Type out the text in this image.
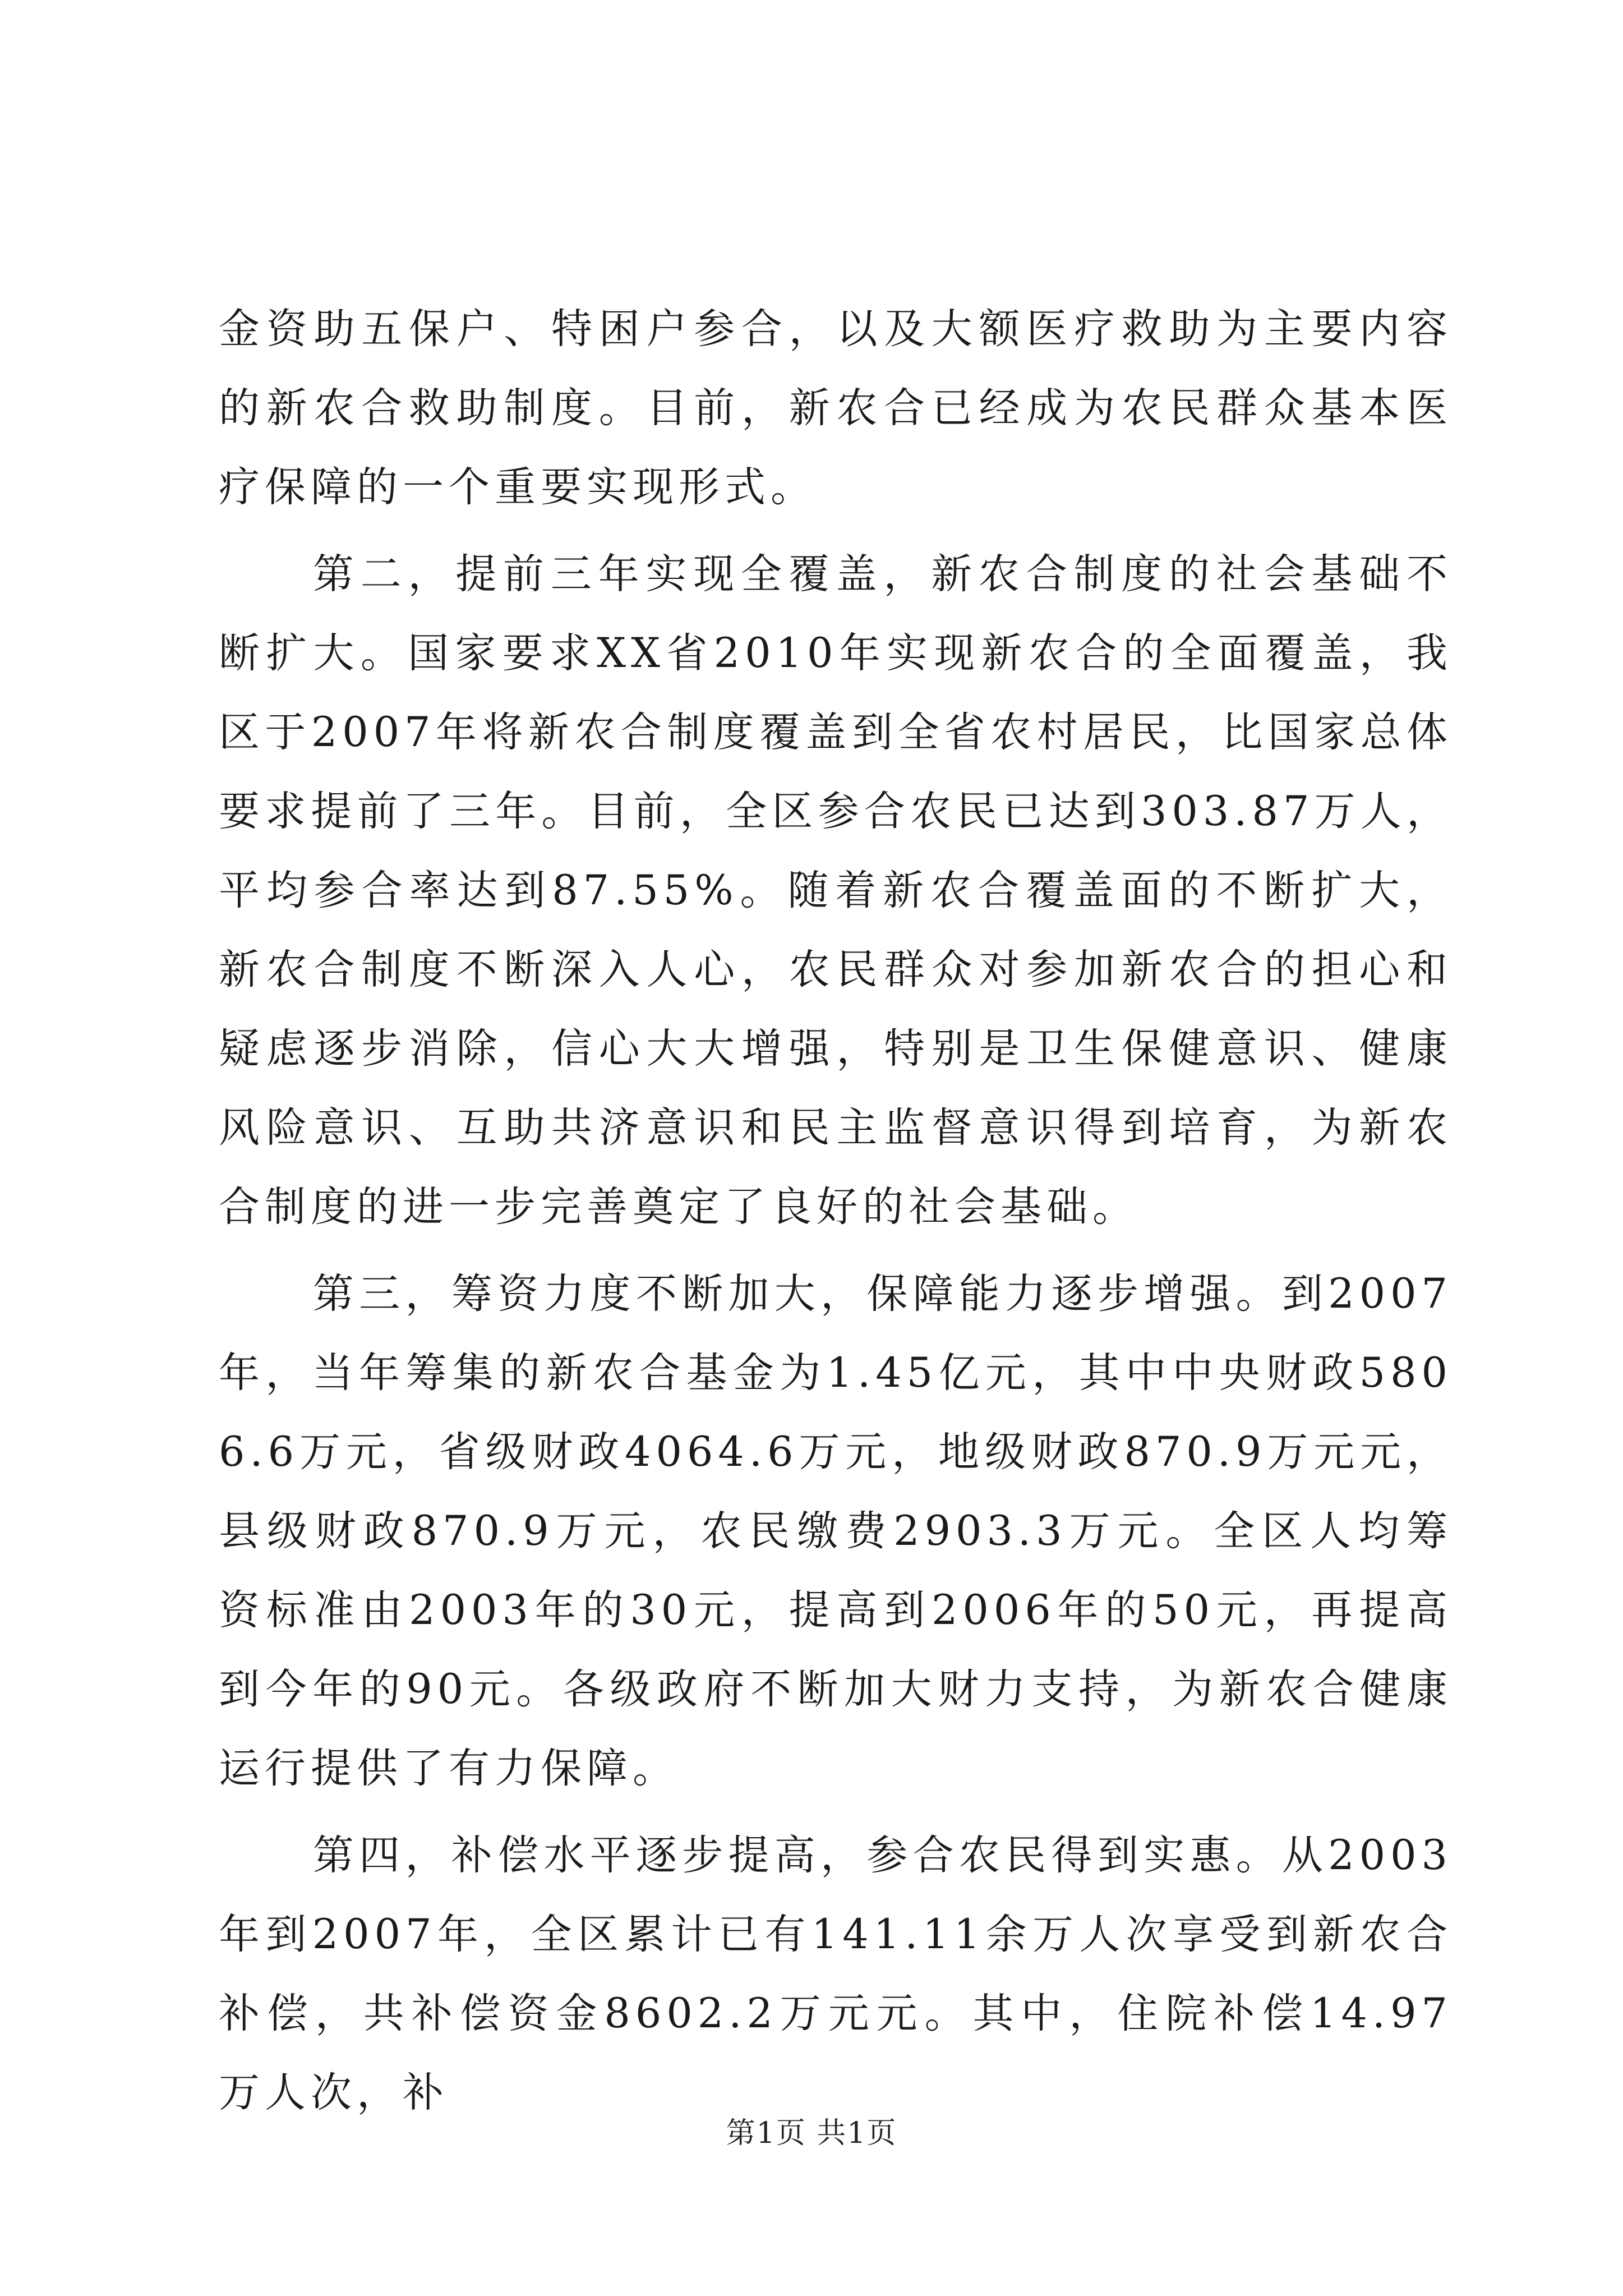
金资助五保户、特困户参合，以及大额医疗救助为主要内容的新农合救助制度。目前，新农合已经成为农民群众基本医疗保障的一个重要实现形式。

第二，提前三年实现全覆盖，新农合制度的社会基础不断扩大。国家要求XX省2010年实现新农合的全面覆盖，我区于2007年将新农合制度覆盖到全省农村居民，比国家总体要求提前了三年。目前，全区参合农民已达到303.87万人，平均参合率达到87.55%。随着新农合覆盖面的不断扩大，新农合制度不断深入人心，农民群众对参加新农合的担心和疑虑逐步消除，信心大大增强，特别是卫生保健意识、健康风险意识、互助共济意识和民主监督意识得到培育，为新农合制度的进一步完善奠定了良好的社会基础。

第三，筹资力度不断加大，保障能力逐步增强。到2007年，当年筹集的新农合基金为1.45亿元，其中中央财政5806.6万元，省级财政4064.6万元，地级财政870.9万元元，县级财政870.9万元，农民缴费2903.3万元。全区人均筹资标准由2003年的30元，提高到2006年的50元，再提高到今年的90元。各级政府不断加大财力支持，为新农合健康运行提供了有力保障。

第四，补偿水平逐步提高，参合农民得到实惠。从2003年到2007年，全区累计已有141.11余万人次享受到新农合补偿，共补偿资金8602.2万元元。其中，住院补偿14.97万人次，补

第1页 共1页
